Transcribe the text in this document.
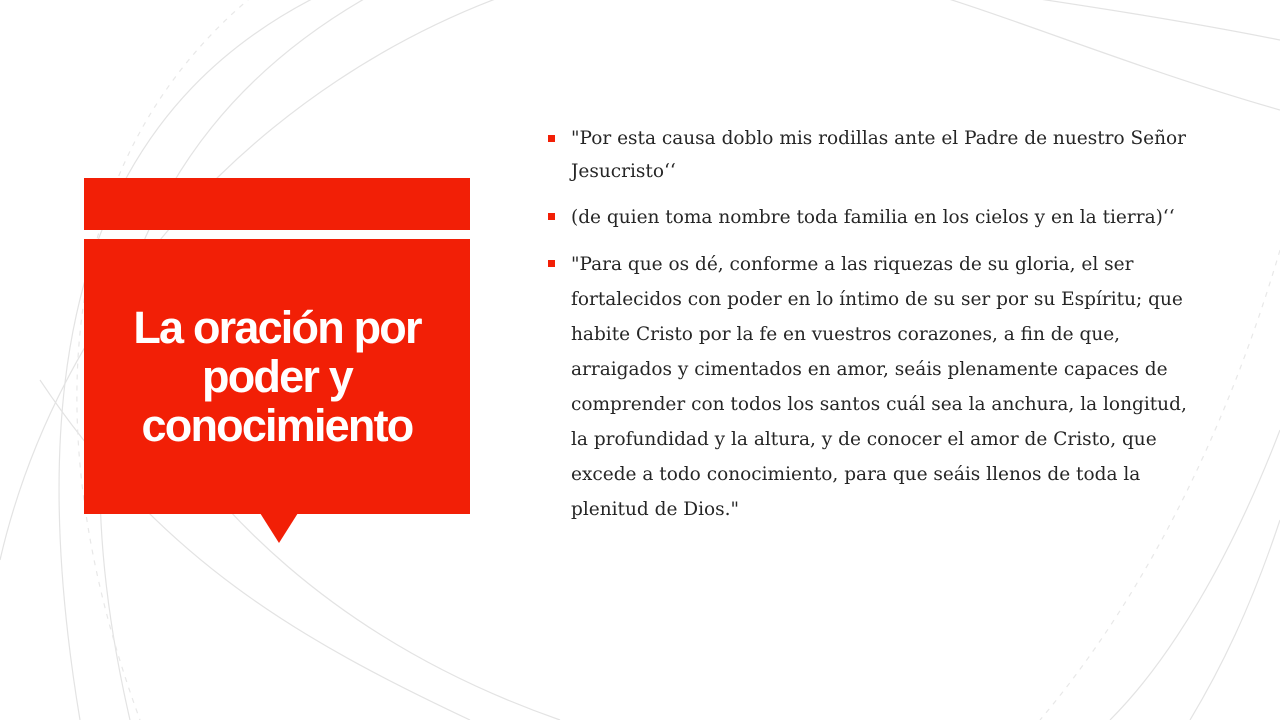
La oración por poder y conocimiento
"Por esta causa doblo mis rodillas ante el Padre de nuestro Señor Jesucristo‘‘
(de quien toma nombre toda familia en los cielos y en la tierra)‘‘
"Para que os dé, conforme a las riquezas de su gloria, el ser fortalecidos con poder en lo íntimo de su ser por su Espíritu; que habite Cristo por la fe en vuestros corazones, a fin de que, arraigados y cimentados en amor, seáis plenamente capaces de comprender con todos los santos cuál sea la anchura, la longitud, la profundidad y la altura, y de conocer el amor de Cristo, que excede a todo conocimiento, para que seáis llenos de toda la plenitud de Dios."
